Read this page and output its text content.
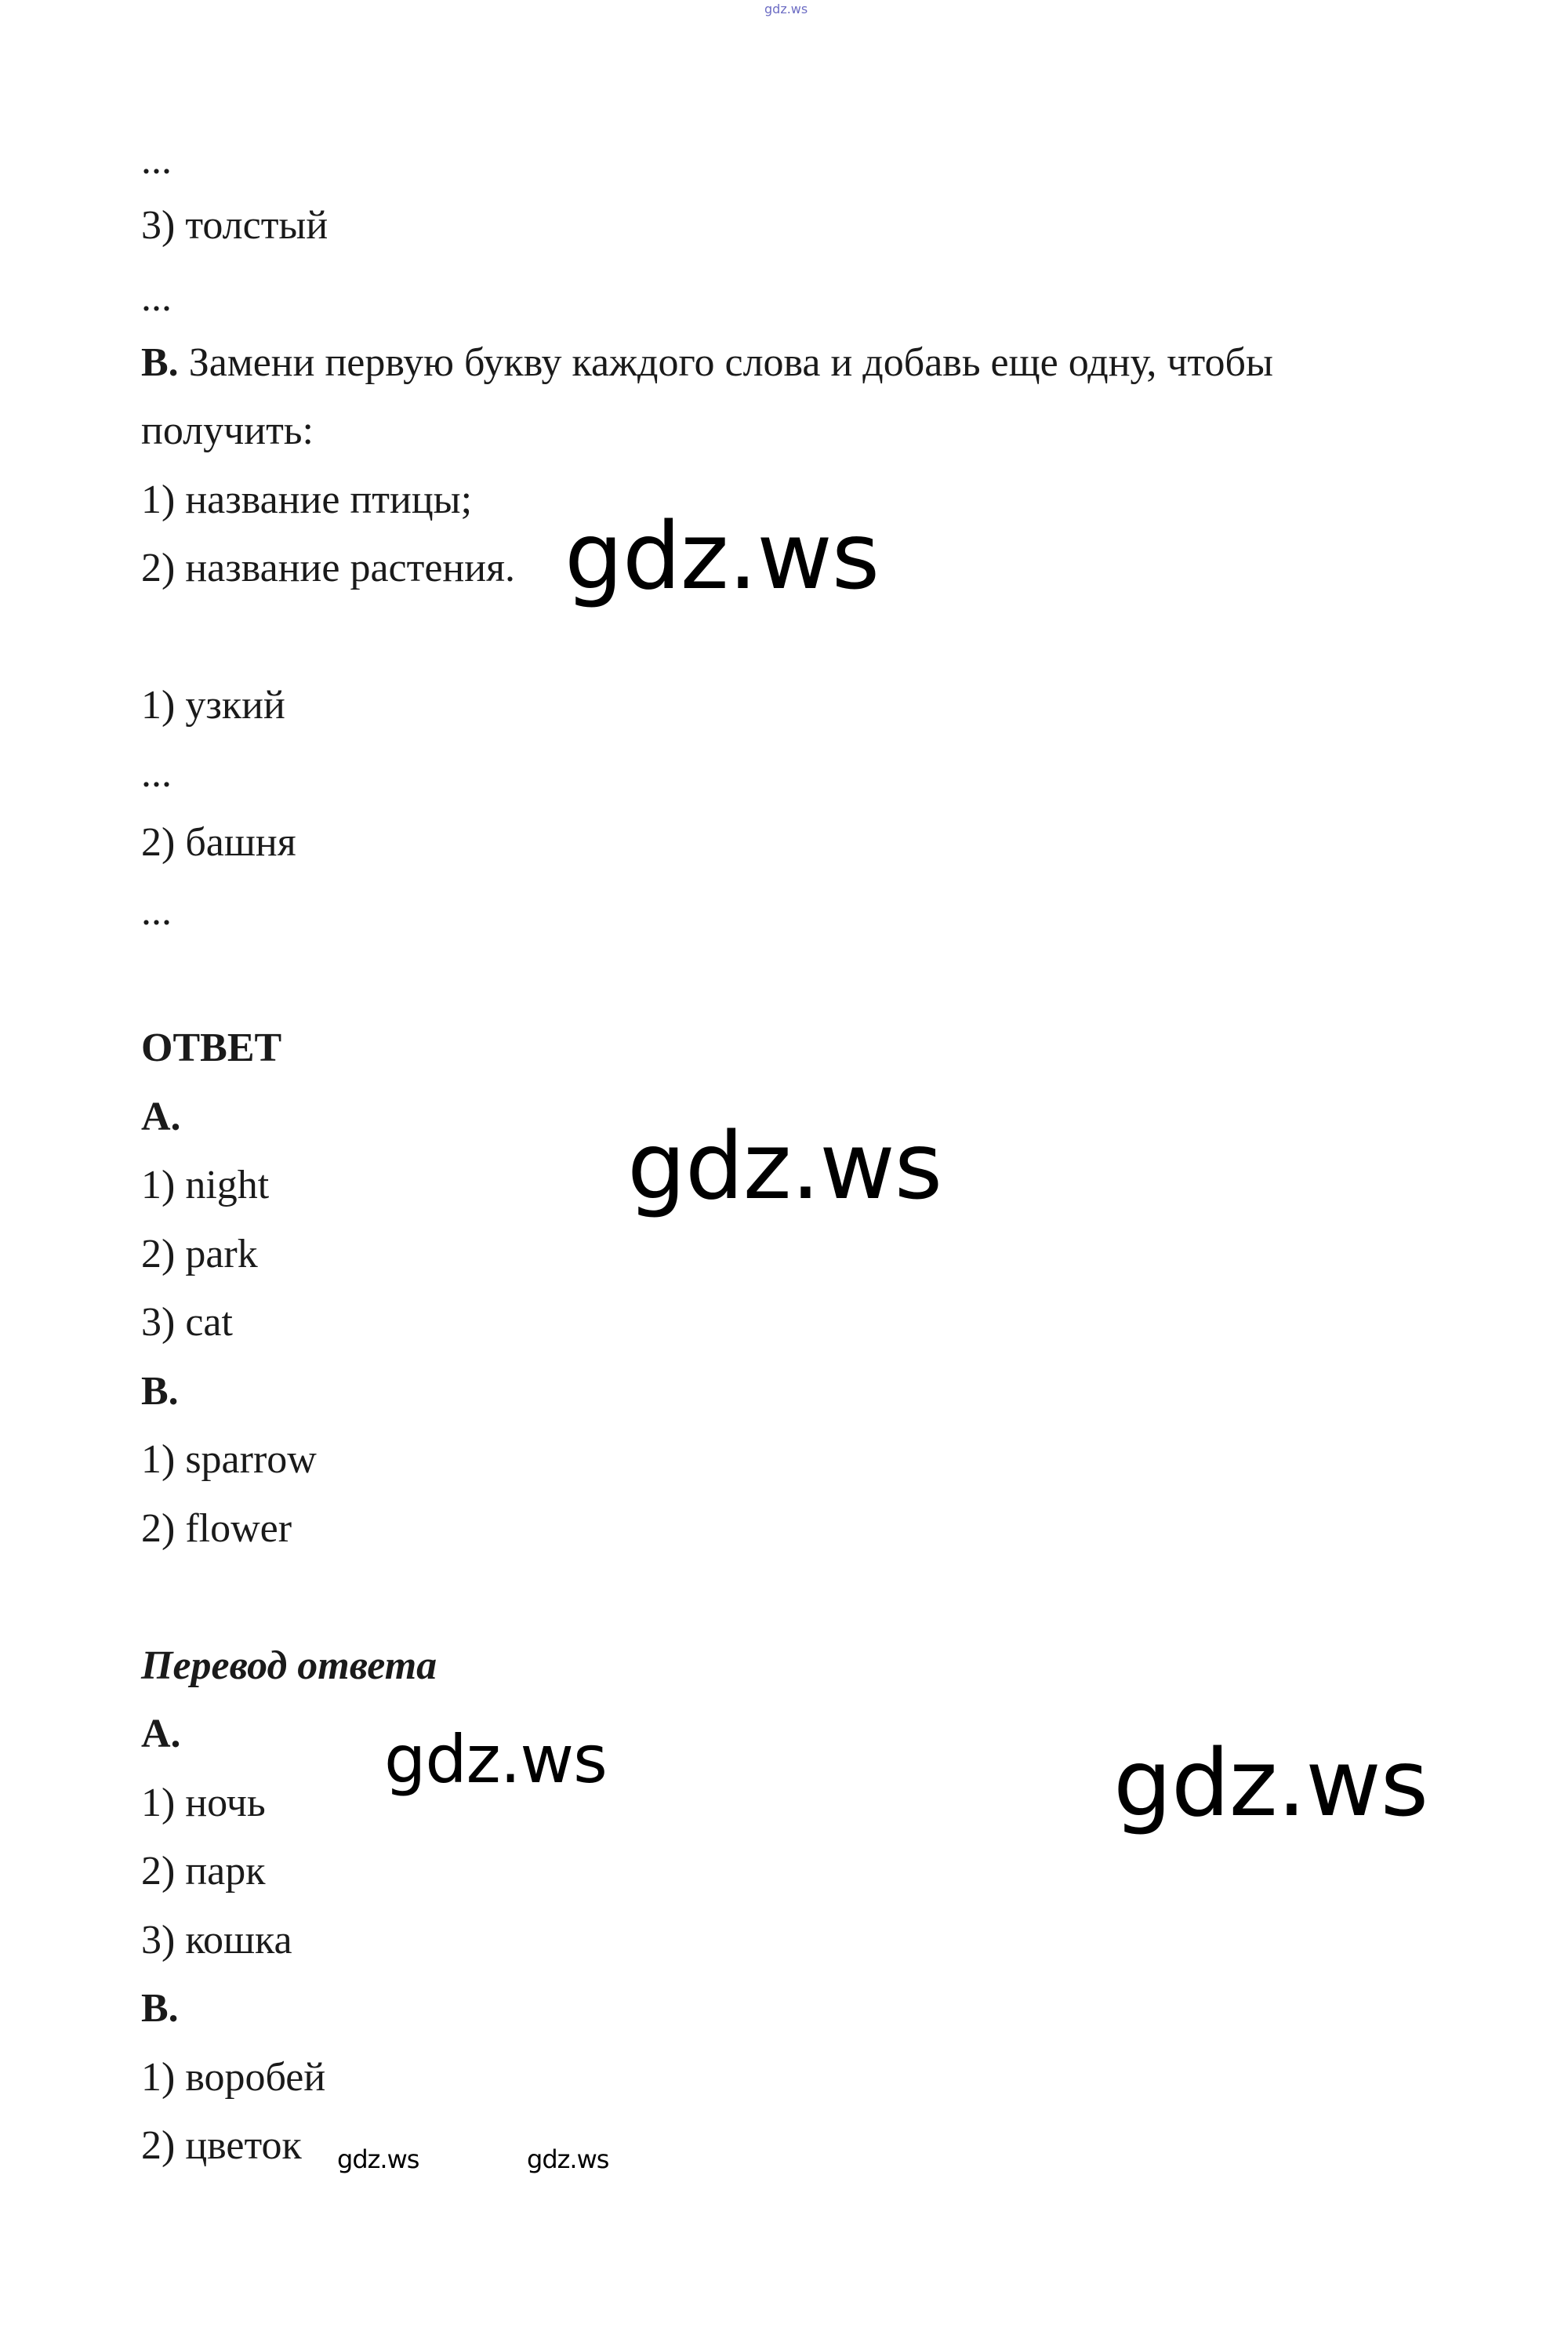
gdz.ws
...
3) толстый
...
В. Замени первую букву каждого слова и добавь еще одну, чтобы
получить:
1) название птицы;
2) название растения.
1) узкий
...
2) башня
...
ОТВЕТ
А.
1) night
2) park
3) cat
В.
1) sparrow
2) flower
Перевод ответа
А.
1) ночь
2) парк
3) кошка
В.
1) воробей
2) цветок
gdz.ws
gdz.ws
gdz.ws	gdz.ws
gdz.ws	gdz.ws
